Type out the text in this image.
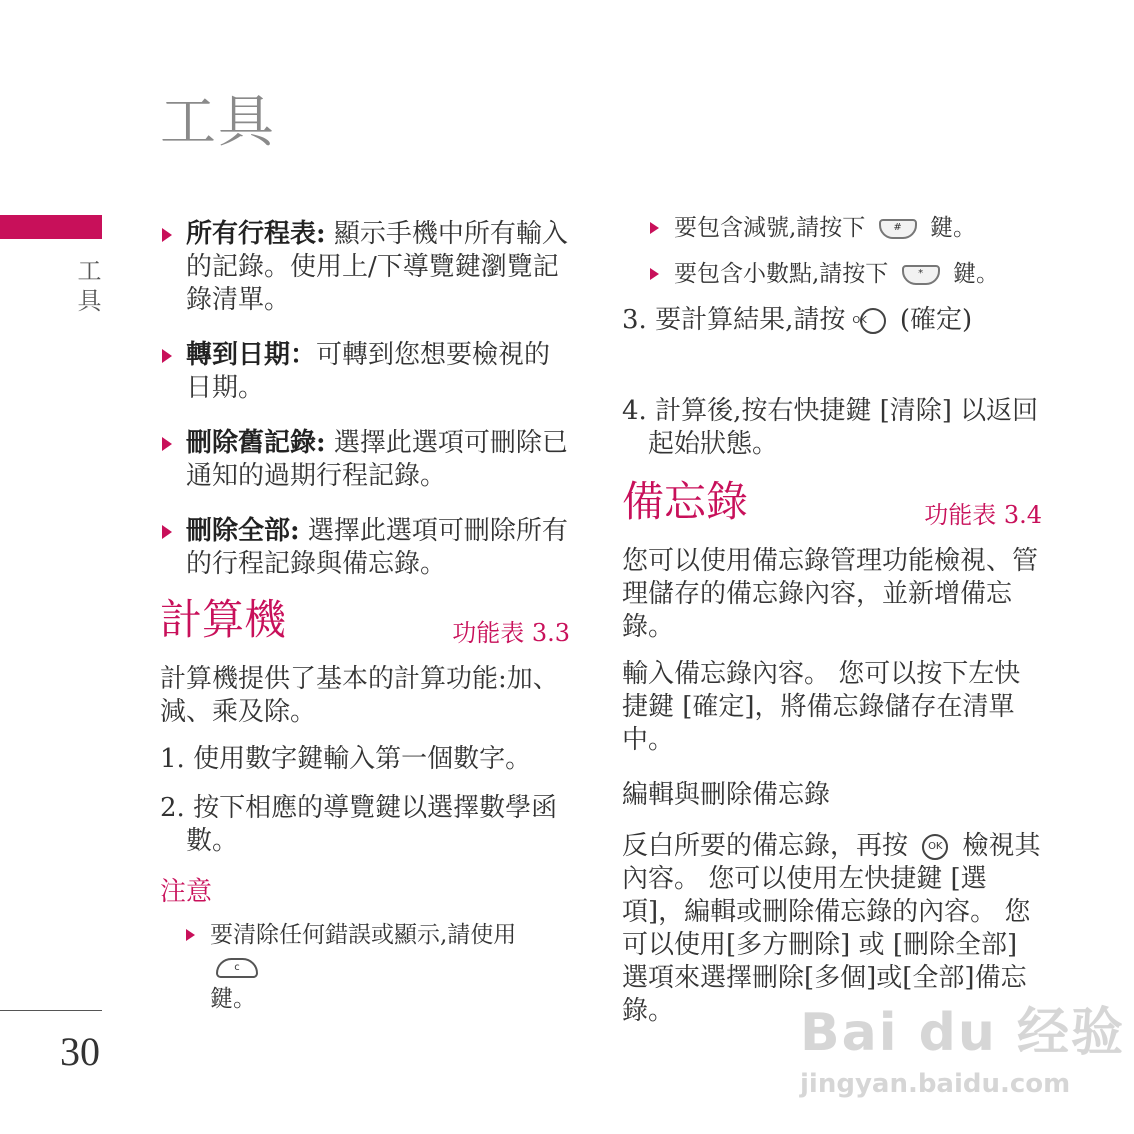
工具
工具
30
所有行程表: 顯示手機中所有輸入的記錄。使用上/下導覽鍵瀏覽記錄清單。
轉到日期：可轉到您想要檢視的日期。
刪除舊記錄: 選擇此選項可刪除已通知的過期行程記錄。
刪除全部: 選擇此選項可刪除所有的行程記錄與備忘錄。
計算機	功能表 3.3

計算機提供了基本的計算功能:加、減、乘及除。

1. 使用數字鍵輸入第一個數字。

2. 按下相應的導覽鍵以選擇數學函數。

注意
要清除任何錯誤或顯示,請使用 c
鍵。
要包含減號,請按下	# 鍵。
要包含小數點,請按下	* 鍵。

3. 要計算結果,請按 OK (確定)

4. 計算後,按右快捷鍵 [清除] 以返回起始狀態。

備忘錄	功能表 3.4

您可以使用備忘錄管理功能檢視、管理儲存的備忘錄內容，並新增備忘錄。

輸入備忘錄內容。 您可以按下左快捷鍵 [確定]，將備忘錄儲存在清單中。

編輯與刪除備忘錄

反白所要的備忘錄，再按 OK 檢視其內容。 您可以使用左快捷鍵 [選項]，編輯或刪除備忘錄的內容。 您可以使用[多方刪除] 或 [刪除全部]選項來選擇刪除[多個]或[全部]備忘錄。	Bai du 经验
jingyan.baidu.com
